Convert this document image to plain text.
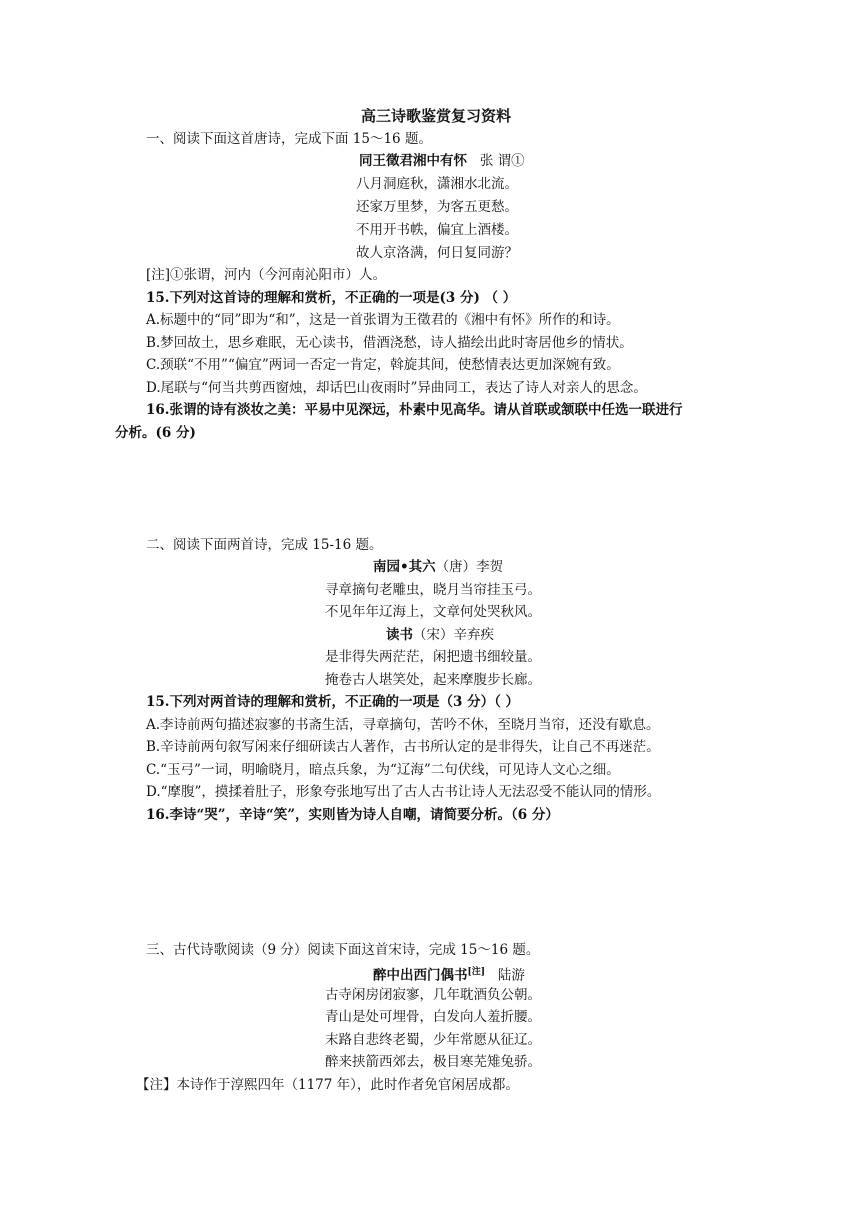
高三诗歌鉴赏复习资料
一、阅读下面这首唐诗，完成下面 15～16 题。
同王徵君湘中有怀 张 谓①
八月洞庭秋，潇湘水北流。
还家万里梦，为客五更愁。
不用开书帙，偏宜上酒楼。
故人京洛满，何日复同游？
[注]①张谓，河内（今河南沁阳市）人。
15.下列对这首诗的理解和赏析，不正确的一项是(3 分) （ ）
A.标题中的“同”即为“和”，这是一首张谓为王徵君的《湘中有怀》所作的和诗。
B.梦回故土，思乡难眠，无心读书，借酒浇愁，诗人描绘出此时寄居他乡的情状。
C.颈联“不用”“偏宜”两词一否定一肯定，斡旋其间，使愁情表达更加深婉有致。
D.尾联与“何当共剪西窗烛，却话巴山夜雨时”异曲同工，表达了诗人对亲人的思念。
16.张谓的诗有淡妆之美：平易中见深远，朴素中见高华。请从首联或颔联中任选一联进行
分析。(6 分)
二、阅读下面两首诗，完成 15-16 题。
南园•其六（唐）李贺
寻章摘句老雕虫，晓月当帘挂玉弓。
不见年年辽海上，文章何处哭秋风。
读书（宋）辛弃疾
是非得失两茫茫，闲把遗书细较量。
掩卷古人堪笑处，起来摩腹步长廊。
15.下列对两首诗的理解和赏析，不正确的一项是（3 分）（ ）
A.李诗前两句描述寂寥的书斋生活，寻章摘句，苦吟不休，至晓月当帘，还没有歇息。
B.辛诗前两句叙写闲来仔细研读古人著作，古书所认定的是非得失，让自己不再迷茫。
C.“玉弓”一词，明喻晓月，暗点兵象，为“辽海”二句伏线，可见诗人文心之细。
D.“摩腹”，摸揉着肚子，形象夸张地写出了古人古书让诗人无法忍受不能认同的情形。
16.李诗“哭”，辛诗“笑”，实则皆为诗人自嘲，请简要分析。（6 分）
三、古代诗歌阅读（9 分）阅读下面这首宋诗，完成 15～16 题。
醉中出西门偶书[注] 陆游
古寺闲房闭寂寥，几年耽酒负公朝。
青山是处可埋骨，白发向人羞折腰。
末路自悲终老蜀，少年常愿从征辽。
醉来挟箭西郊去，极目寒芜雉兔骄。
【注】本诗作于淳熙四年（1177 年），此时作者免官闲居成都。
